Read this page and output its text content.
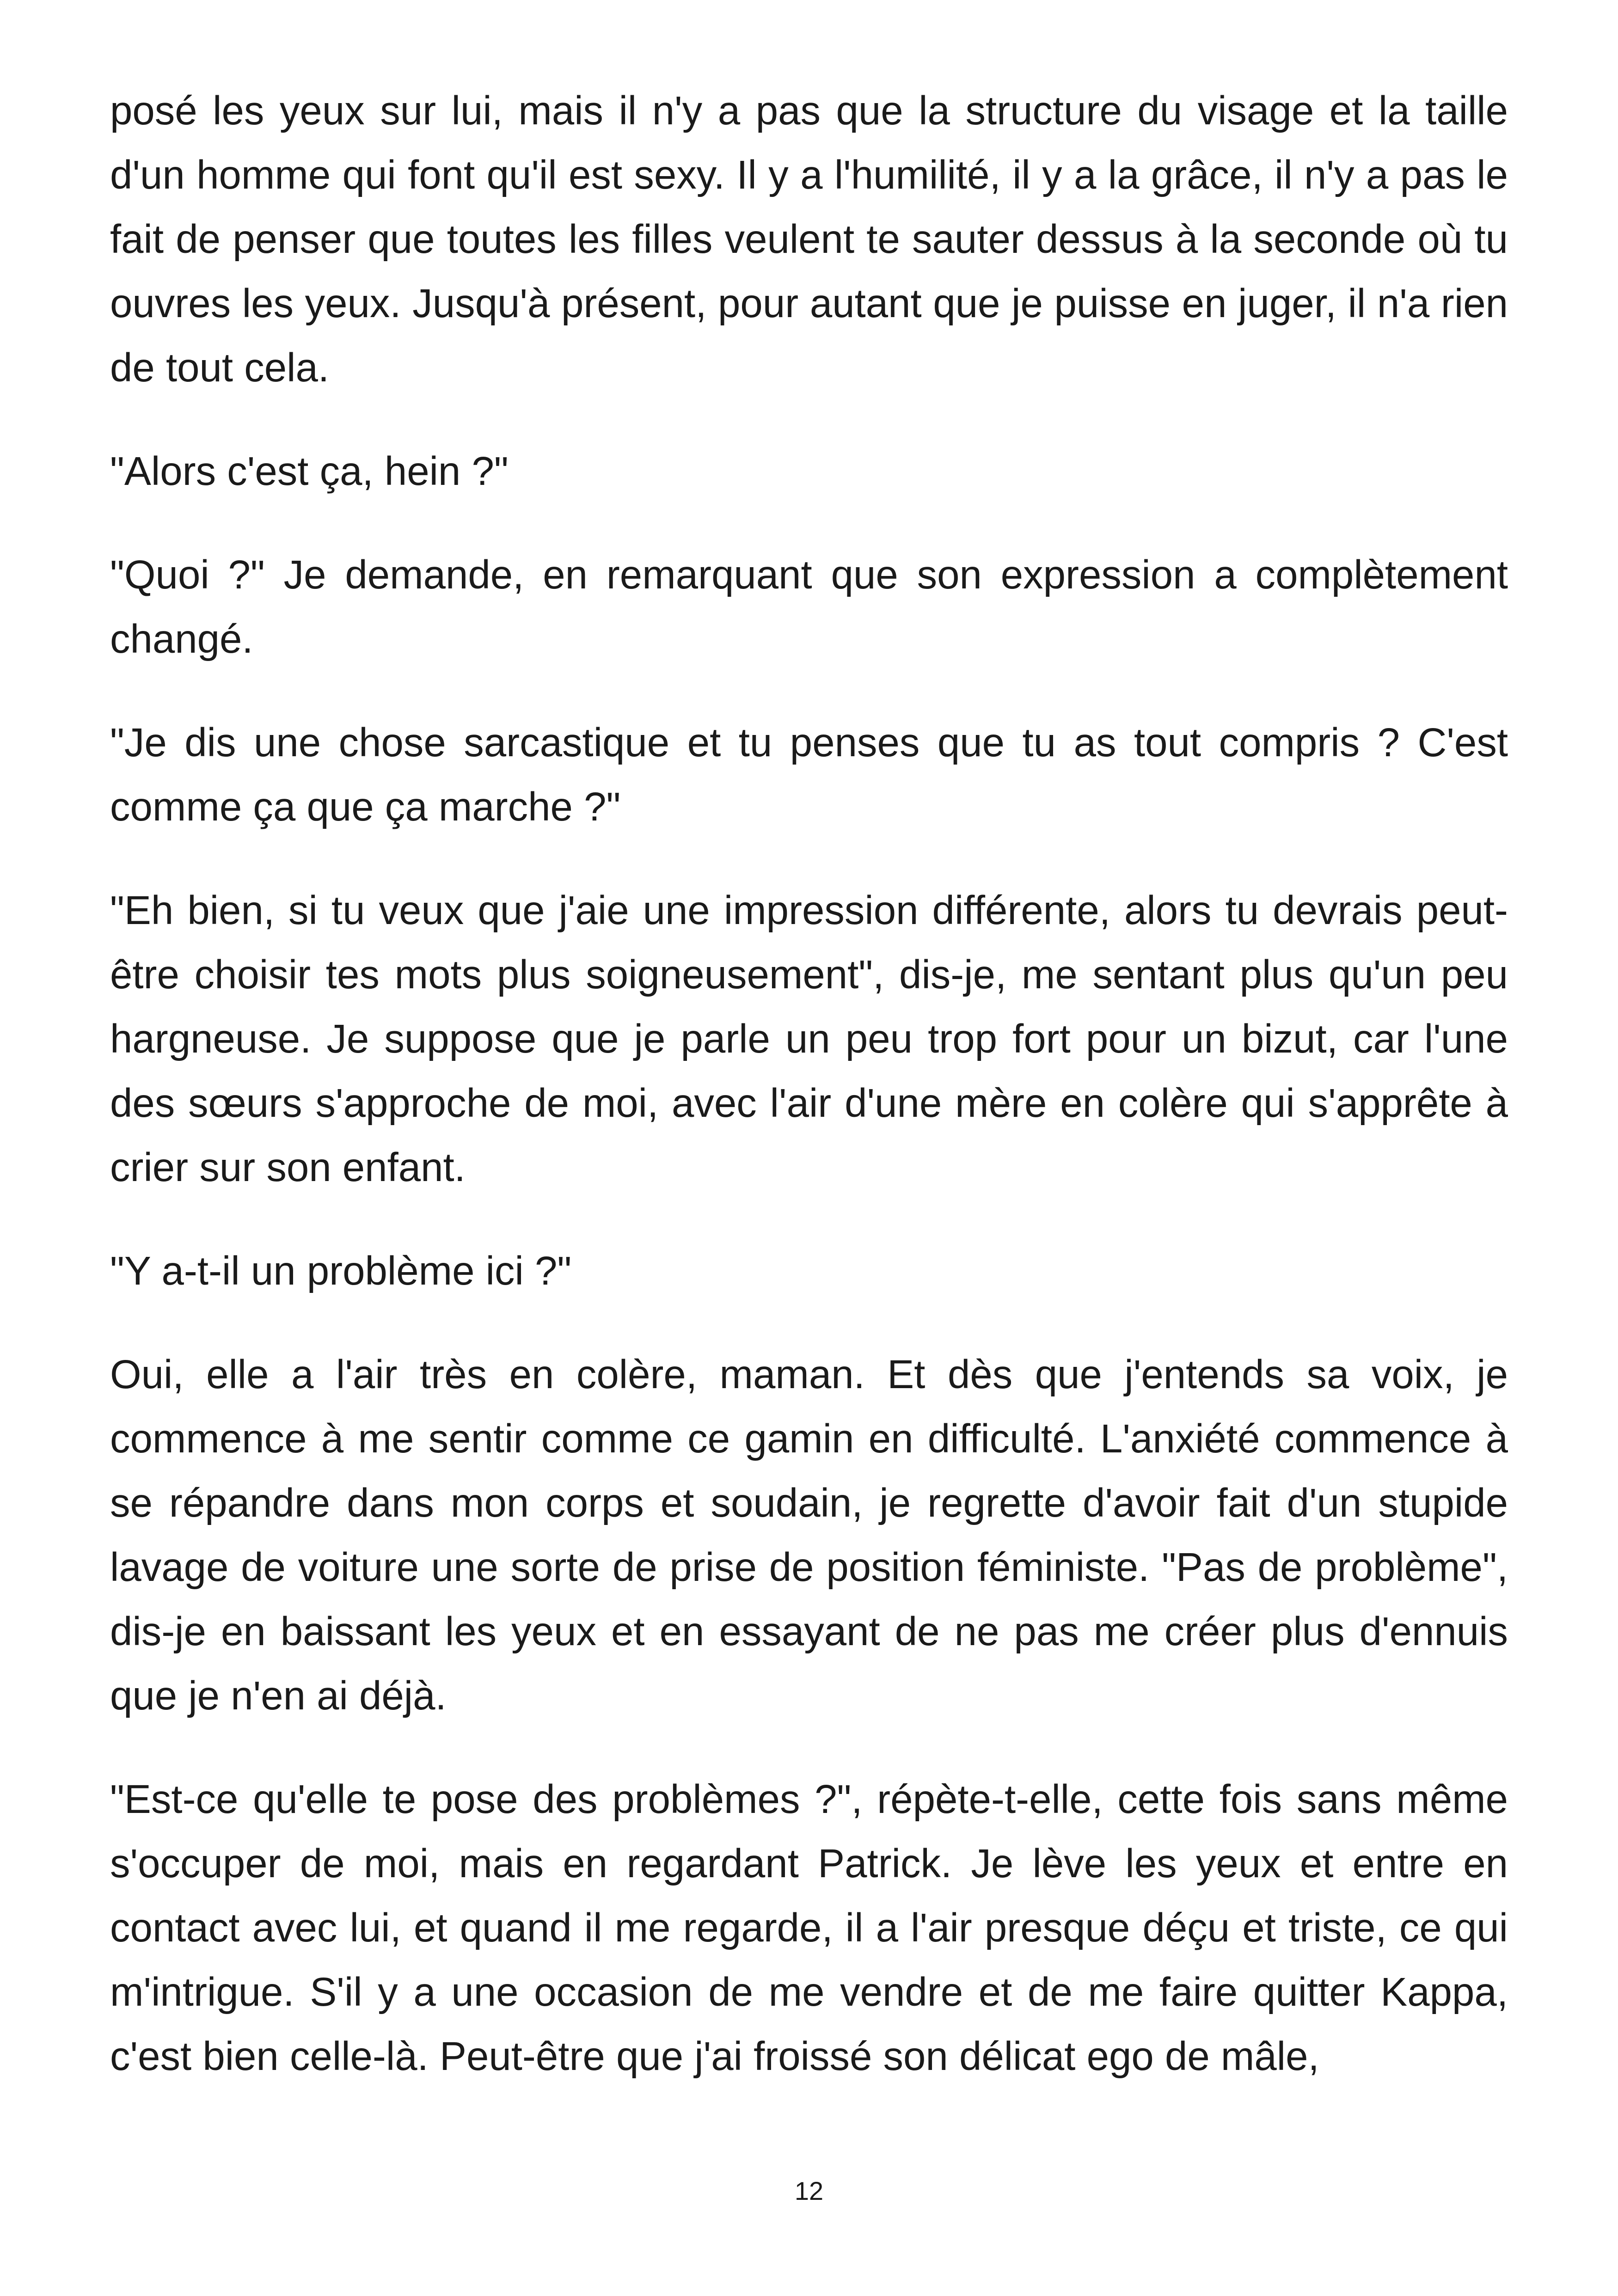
posé les yeux sur lui, mais il n'y a pas que la structure du visage et la taille d'un homme qui font qu'il est sexy. Il y a l'humilité, il y a la grâce, il n'y a pas le fait de penser que toutes les filles veulent te sauter dessus à la seconde où tu ouvres les yeux. Jusqu'à présent, pour autant que je puisse en juger, il n'a rien de tout cela.

"Alors c'est ça, hein ?"

"Quoi ?" Je demande, en remarquant que son expression a complètement changé.

"Je dis une chose sarcastique et tu penses que tu as tout compris ? C'est comme ça que ça marche ?"

"Eh bien, si tu veux que j'aie une impression différente, alors tu devrais peut-être choisir tes mots plus soigneusement", dis-je, me sentant plus qu'un peu hargneuse. Je suppose que je parle un peu trop fort pour un bizut, car l'une des sœurs s'approche de moi, avec l'air d'une mère en colère qui s'apprête à crier sur son enfant.

"Y a-t-il un problème ici ?"

Oui, elle a l'air très en colère, maman. Et dès que j'entends sa voix, je commence à me sentir comme ce gamin en difficulté. L'anxiété commence à se répandre dans mon corps et soudain, je regrette d'avoir fait d'un stupide lavage de voiture une sorte de prise de position féministe. "Pas de problème", dis-je en baissant les yeux et en essayant de ne pas me créer plus d'ennuis que je n'en ai déjà.

"Est-ce qu'elle te pose des problèmes ?", répète-t-elle, cette fois sans même s'occuper de moi, mais en regardant Patrick. Je lève les yeux et entre en contact avec lui, et quand il me regarde, il a l'air presque déçu et triste, ce qui m'intrigue. S'il y a une occasion de me vendre et de me faire quitter Kappa, c'est bien celle-là. Peut-être que j'ai froissé son délicat ego de mâle,

12
